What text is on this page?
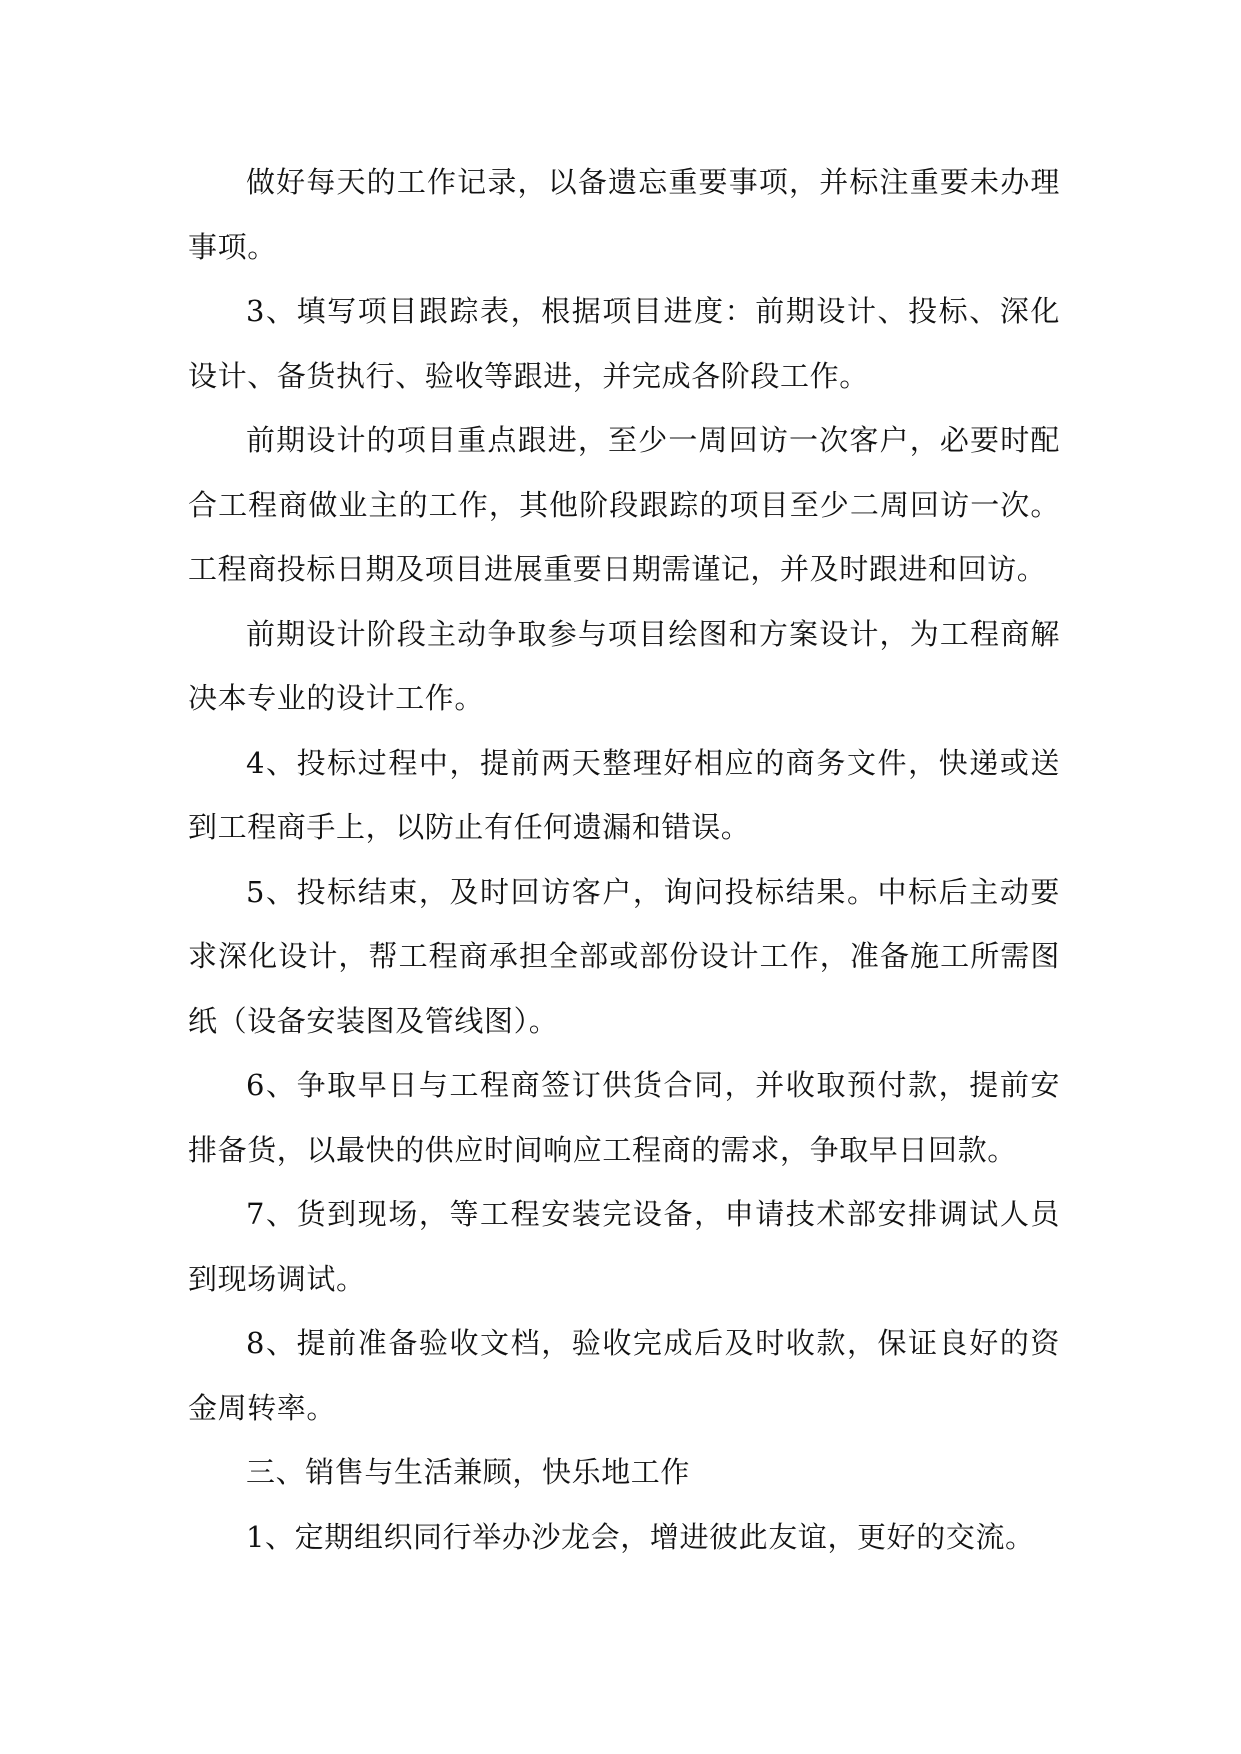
做好每天的工作记录，以备遗忘重要事项，并标注重要未办理事项。

3、填写项目跟踪表，根据项目进度：前期设计、投标、深化设计、备货执行、验收等跟进，并完成各阶段工作。

前期设计的项目重点跟进，至少一周回访一次客户，必要时配合工程商做业主的工作，其他阶段跟踪的项目至少二周回访一次。工程商投标日期及项目进展重要日期需谨记，并及时跟进和回访。

前期设计阶段主动争取参与项目绘图和方案设计，为工程商解决本专业的设计工作。

4、投标过程中，提前两天整理好相应的商务文件，快递或送到工程商手上，以防止有任何遗漏和错误。

5、投标结束，及时回访客户，询问投标结果。中标后主动要求深化设计，帮工程商承担全部或部份设计工作，准备施工所需图纸（设备安装图及管线图）。

6、争取早日与工程商签订供货合同，并收取预付款，提前安排备货，以最快的供应时间响应工程商的需求，争取早日回款。

7、货到现场，等工程安装完设备，申请技术部安排调试人员到现场调试。

8、提前准备验收文档，验收完成后及时收款，保证良好的资金周转率。

三、销售与生活兼顾，快乐地工作

1、定期组织同行举办沙龙会，增进彼此友谊，更好的交流。
